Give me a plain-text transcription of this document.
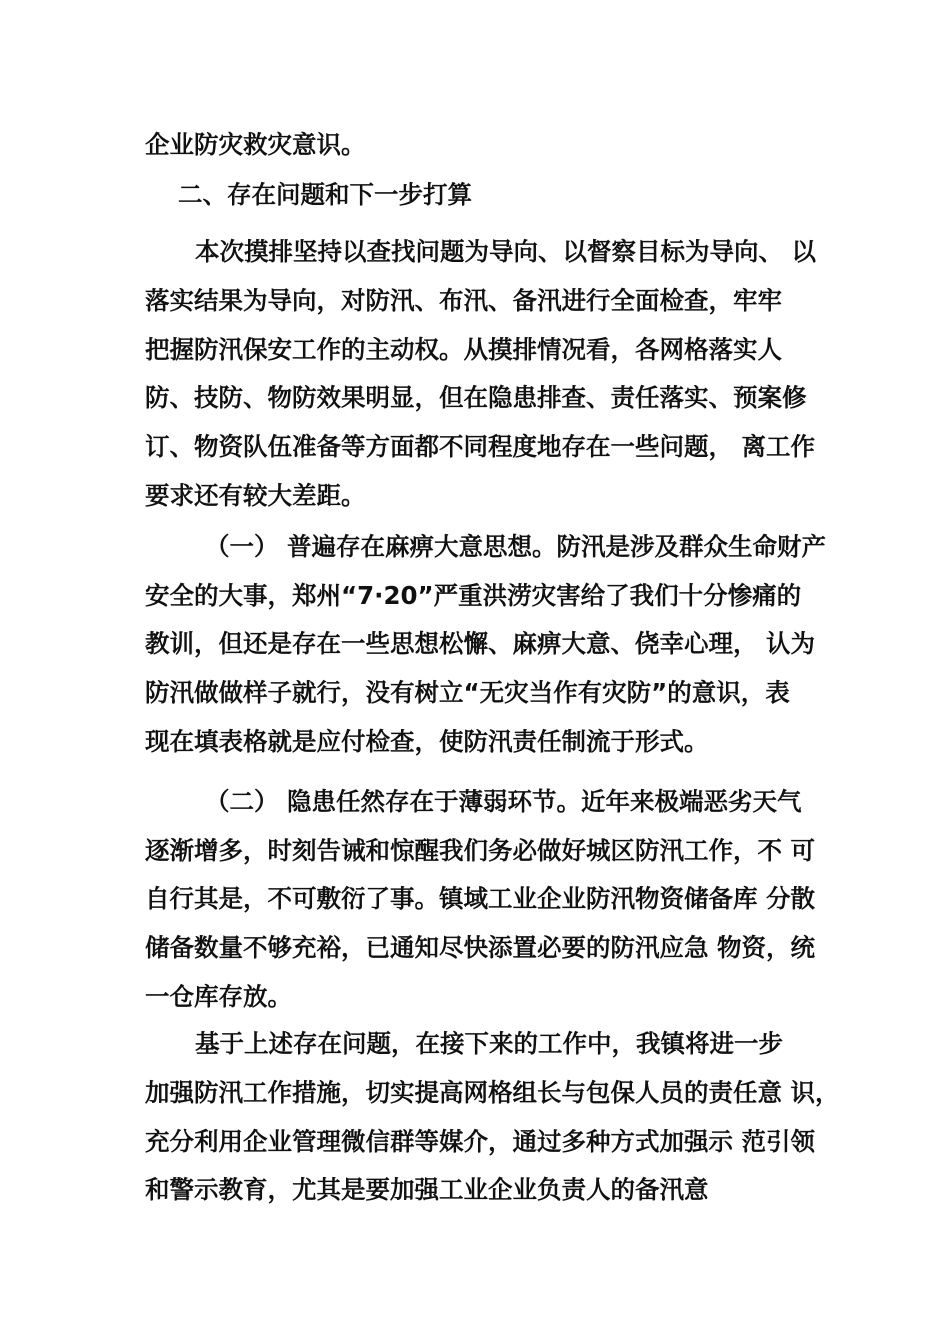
企业防灾救灾意识。
二、存在问题和下一步打算
本次摸排坚持以查找问题为导向、以督察目标为导向、 以
落实结果为导向，对防汛、布汛、备汛进行全面检查，牢牢
把握防汛保安工作的主动权。从摸排情况看，各网格落实人
防、技防、物防效果明显，但在隐患排查、责任落实、预案修
订、物资队伍准备等方面都不同程度地存在一些问题， 离工作
要求还有较大差距。
（一） 普遍存在麻痹大意思想。防汛是涉及群众生命财产
安全的大事，郑州“7·20”严重洪涝灾害给了我们十分惨痛的
教训，但还是存在一些思想松懈、麻痹大意、侥幸心理， 认为
防汛做做样子就行，没有树立“无灾当作有灾防”的意识，表
现在填表格就是应付检查，使防汛责任制流于形式。
（二） 隐患任然存在于薄弱环节。近年来极端恶劣天气
逐渐增多，时刻告诫和惊醒我们务必做好城区防汛工作，不 可
自行其是，不可敷衍了事。镇域工业企业防汛物资储备库 分散
储备数量不够充裕，已通知尽快添置必要的防汛应急 物资，统
一仓库存放。
基于上述存在问题，在接下来的工作中，我镇将进一步
加强防汛工作措施，切实提高网格组长与包保人员的责任意 识，
充分利用企业管理微信群等媒介，通过多种方式加强示 范引领
和警示教育，尤其是要加强工业企业负责人的备汛意
